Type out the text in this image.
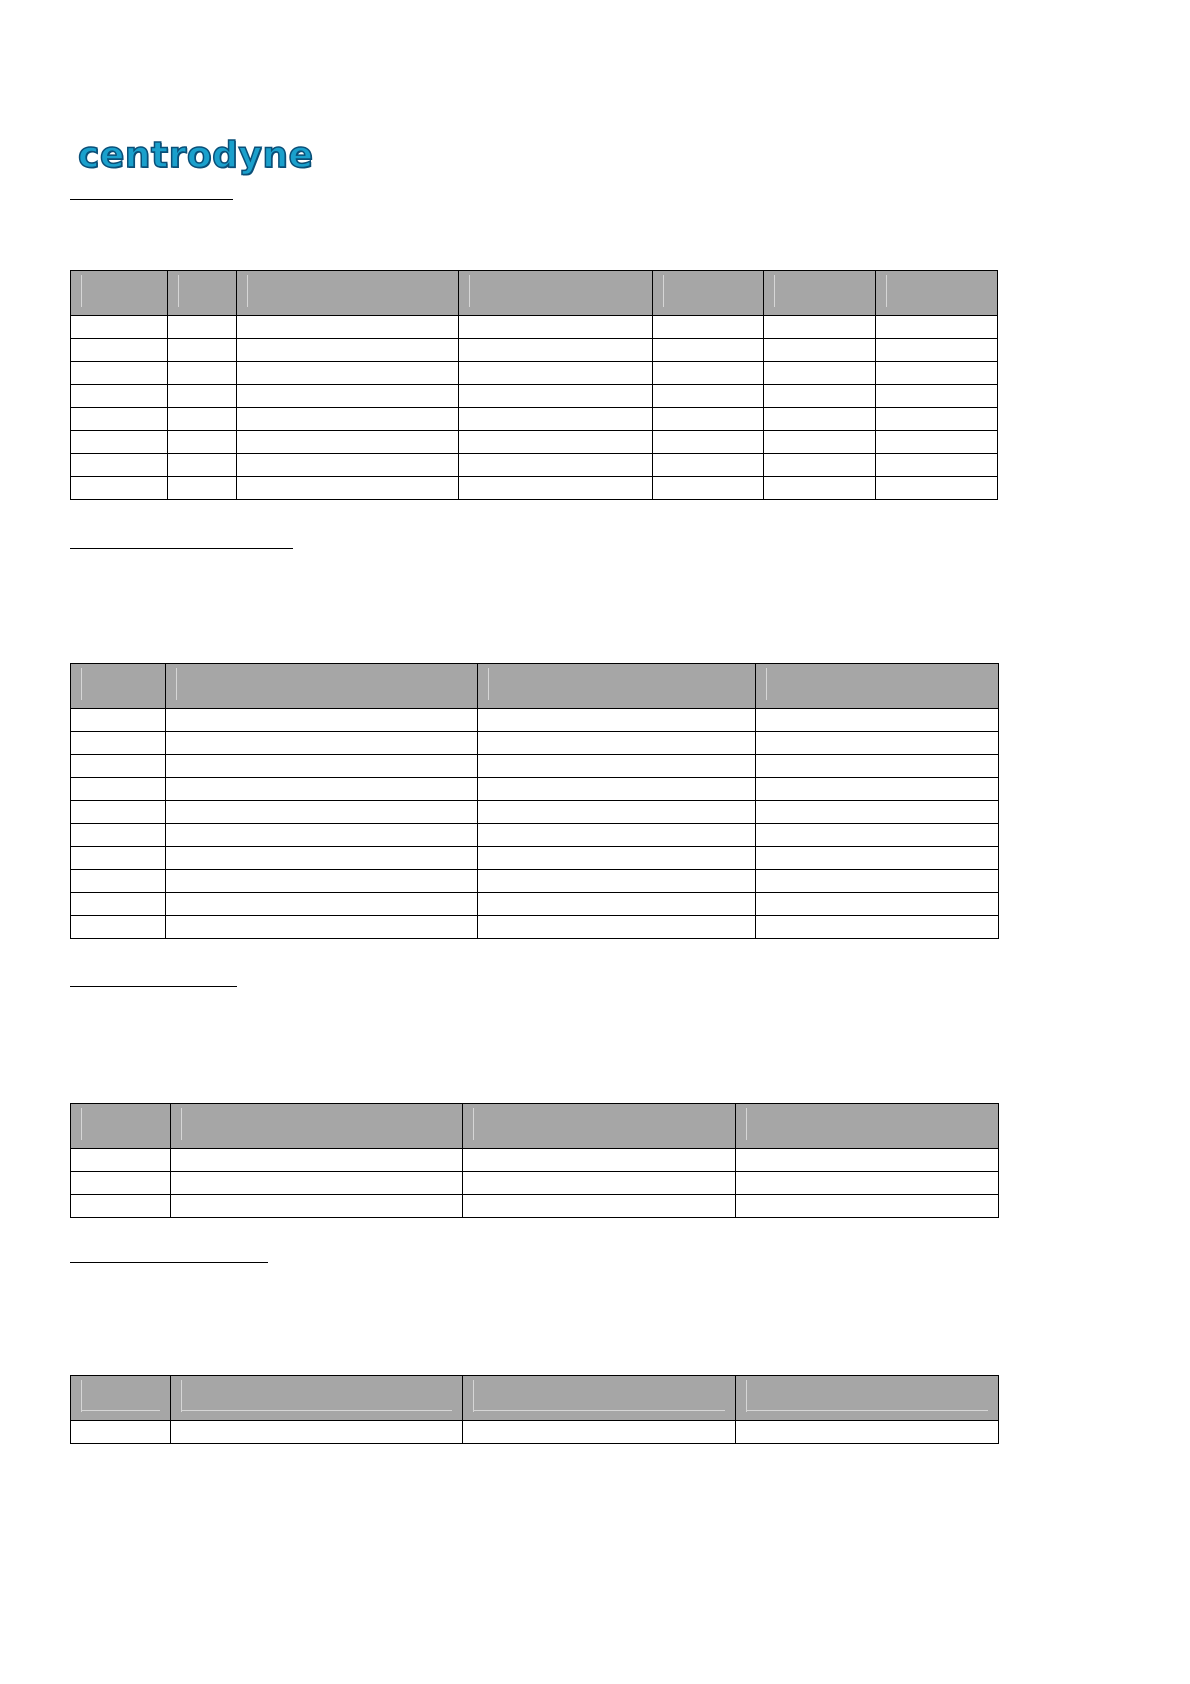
centrodyne
